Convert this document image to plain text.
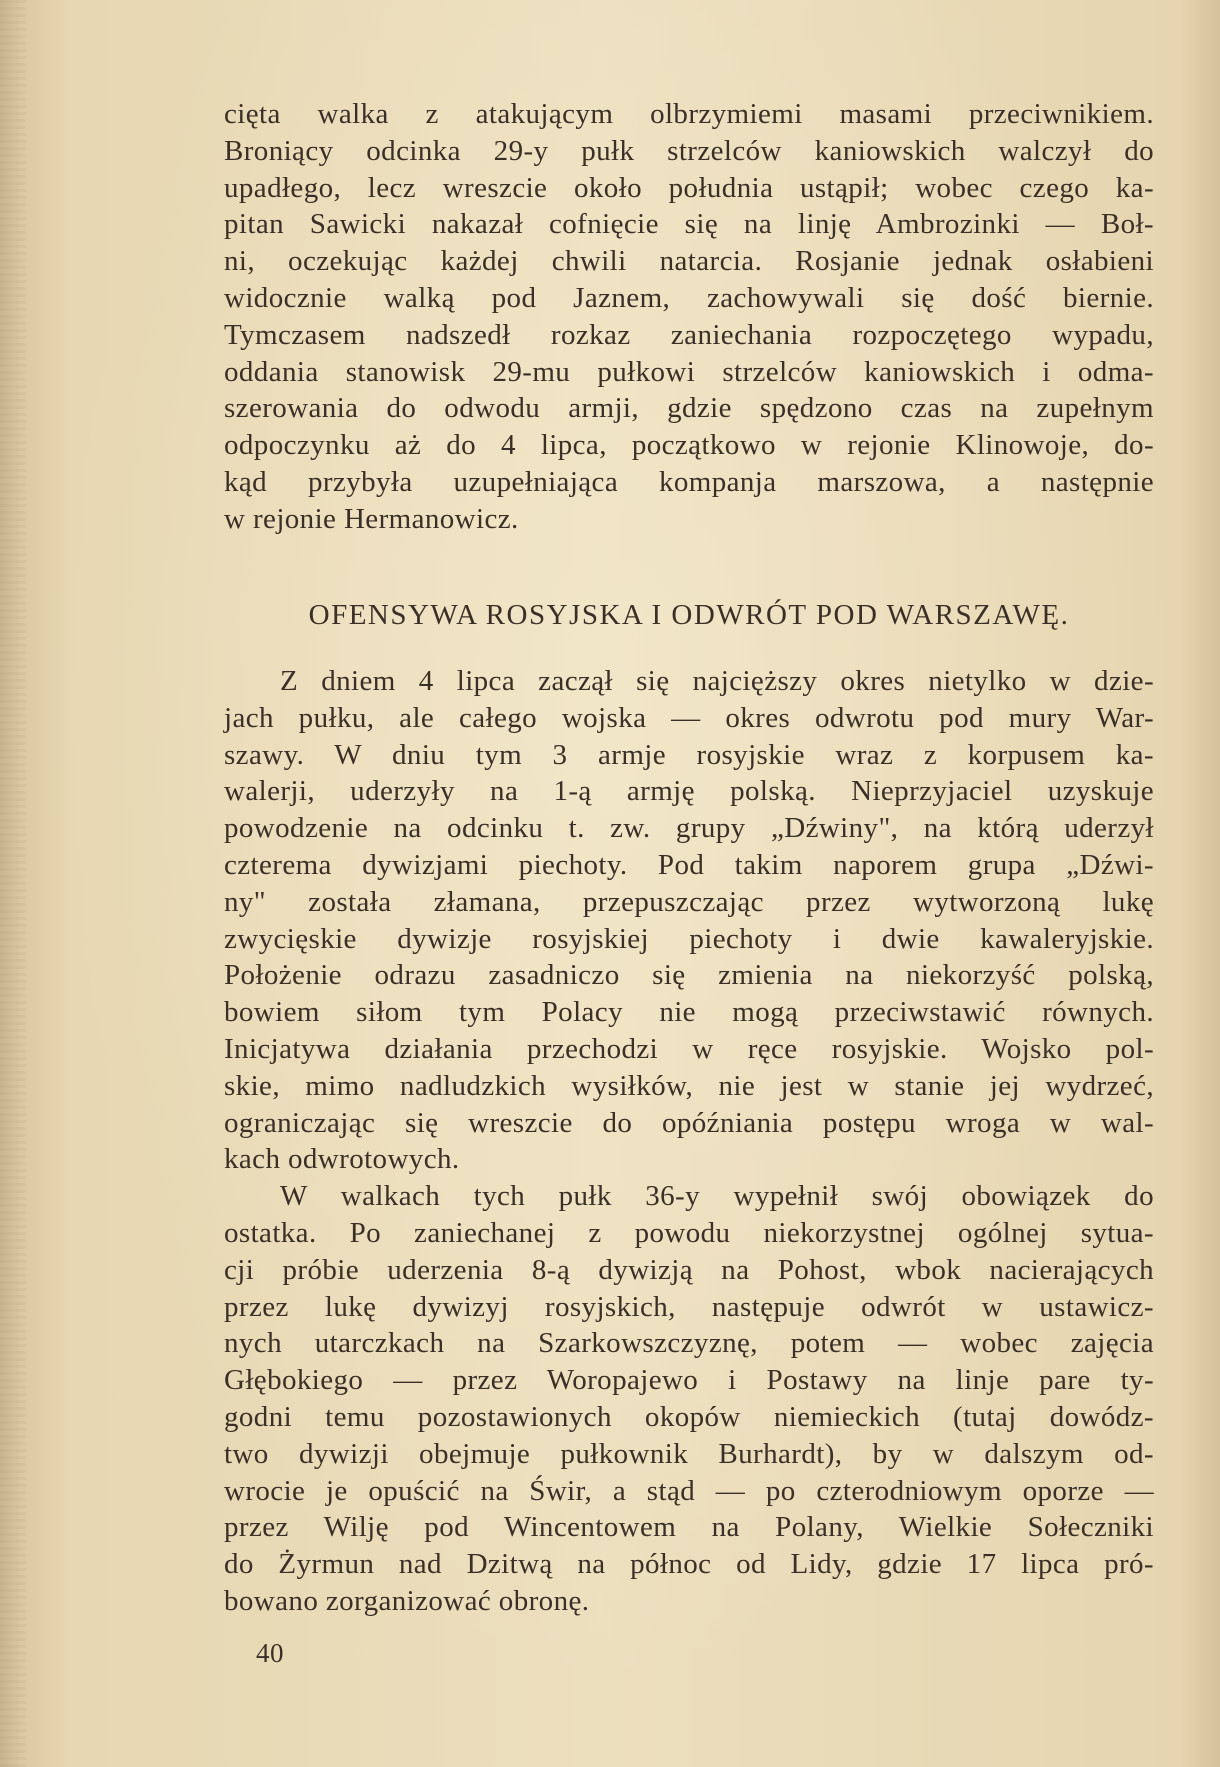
cięta walka z atakującym olbrzymiemi masami przeciwnikiem.
Broniący odcinka 29-y pułk strzelców kaniowskich walczył do
upadłego, lecz wreszcie około południa ustąpił; wobec czego ka-
pitan Sawicki nakazał cofnięcie się na linję Ambrozinki — Boł-
ni, oczekując każdej chwili natarcia. Rosjanie jednak osłabieni
widocznie walką pod Jaznem, zachowywali się dość biernie.
Tymczasem nadszedł rozkaz zaniechania rozpoczętego wypadu,
oddania stanowisk 29-mu pułkowi strzelców kaniowskich i odma-
szerowania do odwodu armji, gdzie spędzono czas na zupełnym
odpoczynku aż do 4 lipca, początkowo w rejonie Klinowoje, do-
kąd przybyła uzupełniająca kompanja marszowa, a następnie
w rejonie Hermanowicz.
OFENSYWA ROSYJSKA I ODWRÓT POD WARSZAWĘ.
Z dniem 4 lipca zaczął się najcięższy okres nietylko w dzie-
jach pułku, ale całego wojska — okres odwrotu pod mury War-
szawy. W dniu tym 3 armje rosyjskie wraz z korpusem ka-
walerji, uderzyły na 1-ą armję polską. Nieprzyjaciel uzyskuje
powodzenie na odcinku t. zw. grupy „Dźwiny", na którą uderzył
czterema dywizjami piechoty. Pod takim naporem grupa „Dźwi-
ny" została złamana, przepuszczając przez wytworzoną lukę
zwycięskie dywizje rosyjskiej piechoty i dwie kawaleryjskie.
Położenie odrazu zasadniczo się zmienia na niekorzyść polską,
bowiem siłom tym Polacy nie mogą przeciwstawić równych.
Inicjatywa działania przechodzi w ręce rosyjskie. Wojsko pol-
skie, mimo nadludzkich wysiłków, nie jest w stanie jej wydrzeć,
ograniczając się wreszcie do opóźniania postępu wroga w wal-
kach odwrotowych.
W walkach tych pułk 36-y wypełnił swój obowiązek do
ostatka. Po zaniechanej z powodu niekorzystnej ogólnej sytua-
cji próbie uderzenia 8-ą dywizją na Pohost, wbok nacierających
przez lukę dywizyj rosyjskich, następuje odwrót w ustawicz-
nych utarczkach na Szarkowszczyznę, potem — wobec zajęcia
Głębokiego — przez Woropajewo i Postawy na linje pare ty-
godni temu pozostawionych okopów niemieckich (tutaj dowódz-
two dywizji obejmuje pułkownik Burhardt), by w dalszym od-
wrocie je opuścić na Świr, a stąd — po czterodniowym oporze —
przez Wilję pod Wincentowem na Polany, Wielkie Sołeczniki
do Żyrmun nad Dzitwą na północ od Lidy, gdzie 17 lipca pró-
bowano zorganizować obronę.
40
